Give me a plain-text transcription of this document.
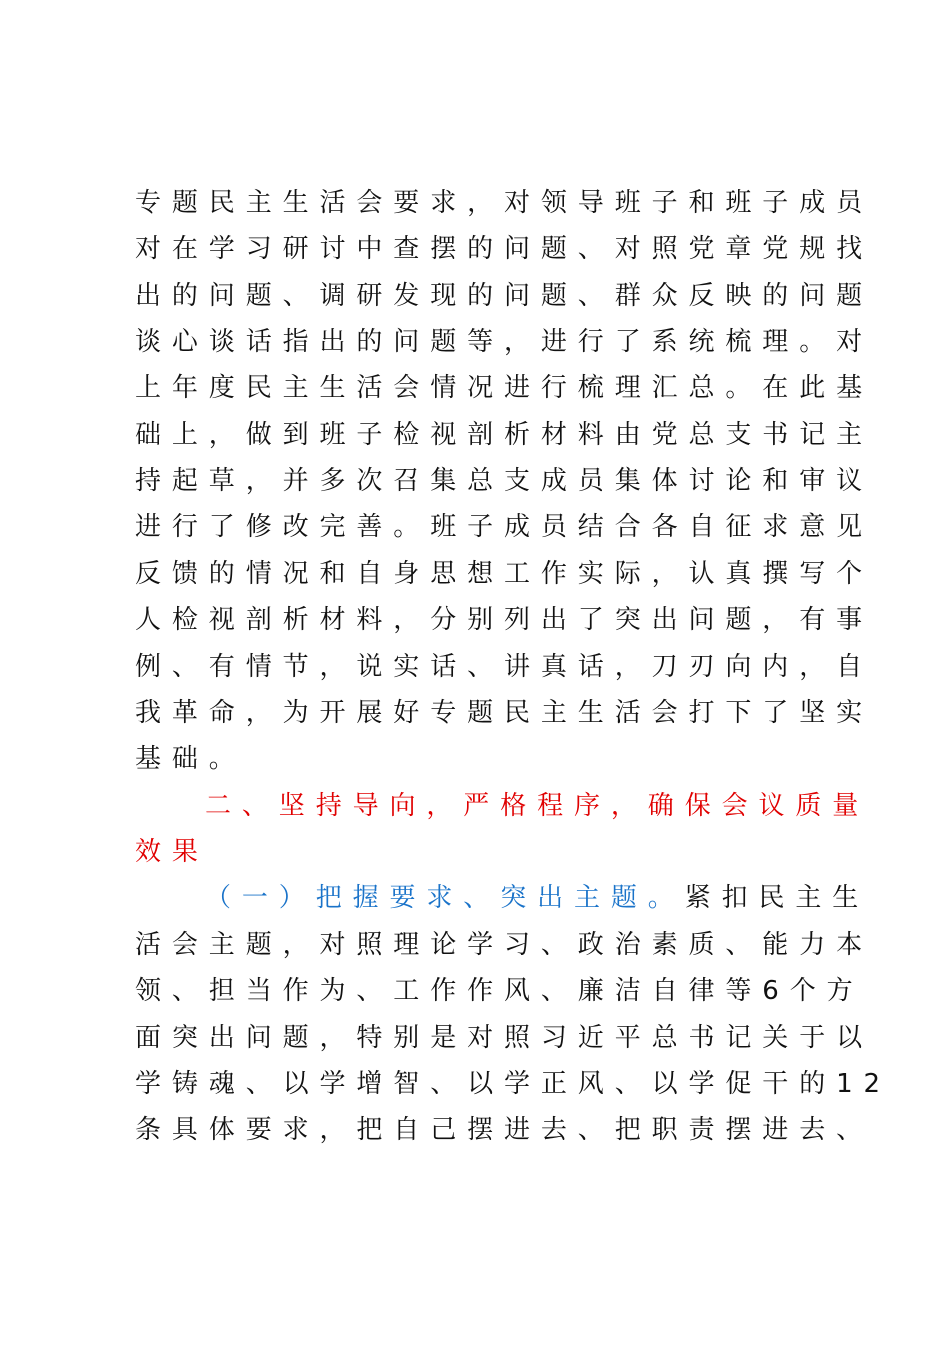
专题民主生活会要求，对领导班子和班子成员
对在学习研讨中查摆的问题、对照党章党规找
出的问题、调研发现的问题、群众反映的问题
谈心谈话指出的问题等，进行了系统梳理。对
上年度民主生活会情况进行梳理汇总。在此基
础上，做到班子检视剖析材料由党总支书记主
持起草，并多次召集总支成员集体讨论和审议
进行了修改完善。班子成员结合各自征求意见
反馈的情况和自身思想工作实际，认真撰写个
人检视剖析材料，分别列出了突出问题，有事
例、有情节，说实话、讲真话，刀刃向内，自
我革命，为开展好专题民主生活会打下了坚实
基础。
二、坚持导向，严格程序，确保会议质量
效果
（一）把握要求、突出主题。紧扣民主生
活会主题，对照理论学习、政治素质、能力本
领、担当作为、工作作风、廉洁自律等6个方
面突出问题，特别是对照习近平总书记关于以
学铸魂、以学增智、以学正风、以学促干的12
条具体要求，把自己摆进去、把职责摆进去、
